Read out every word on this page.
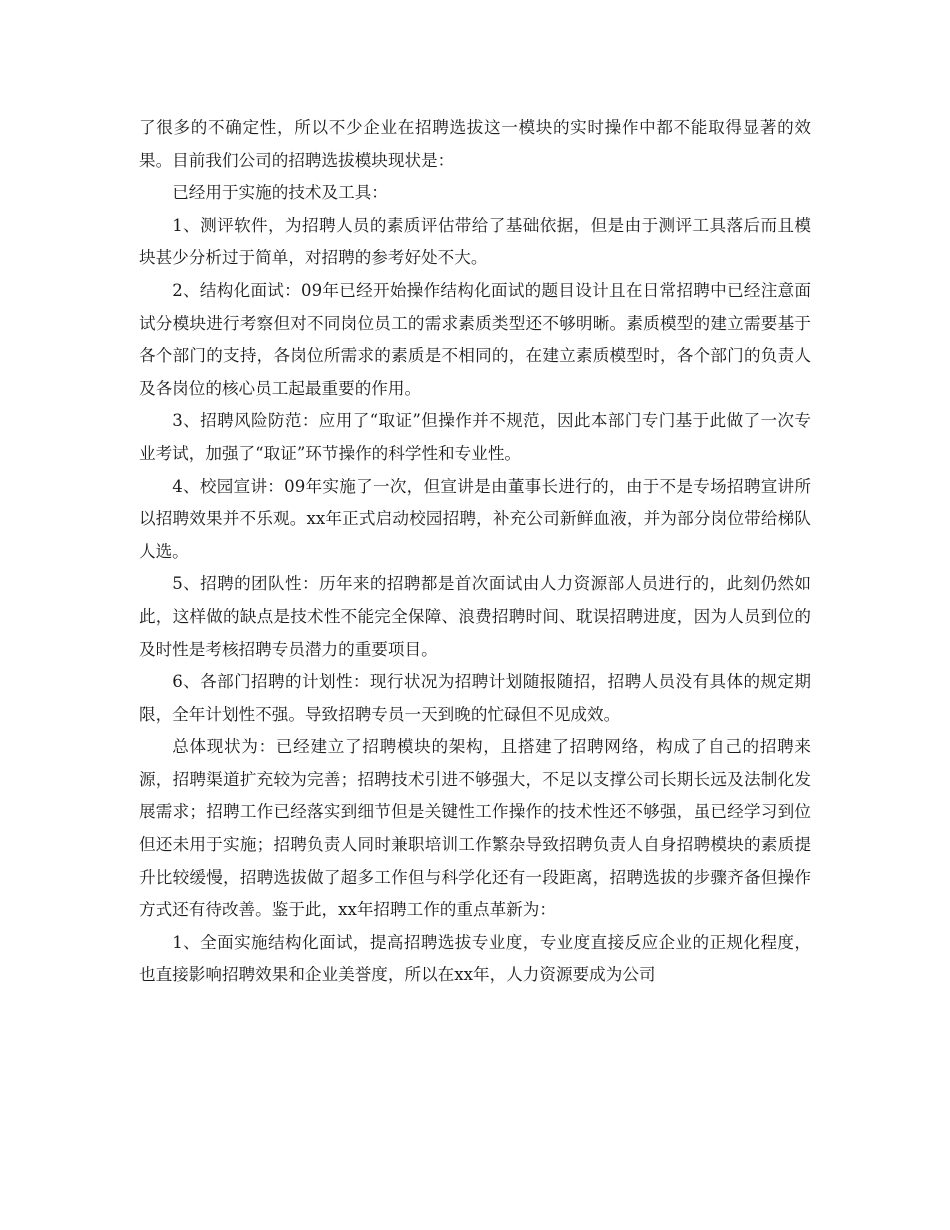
了很多的不确定性，所以不少企业在招聘选拔这一模块的实时操作中都不能取得显著的效果。目前我们公司的招聘选拔模块现状是：

已经用于实施的技术及工具：

1、测评软件，为招聘人员的素质评估带给了基础依据，但是由于测评工具落后而且模块甚少分析过于简单，对招聘的参考好处不大。

2、结构化面试：09年已经开始操作结构化面试的题目设计且在日常招聘中已经注意面试分模块进行考察但对不同岗位员工的需求素质类型还不够明晰。素质模型的建立需要基于各个部门的支持，各岗位所需求的素质是不相同的，在建立素质模型时，各个部门的负责人及各岗位的核心员工起最重要的作用。

3、招聘风险防范：应用了“取证”但操作并不规范，因此本部门专门基于此做了一次专业考试，加强了“取证”环节操作的科学性和专业性。

4、校园宣讲：09年实施了一次，但宣讲是由董事长进行的，由于不是专场招聘宣讲所以招聘效果并不乐观。xx年正式启动校园招聘，补充公司新鲜血液，并为部分岗位带给梯队人选。

5、招聘的团队性：历年来的招聘都是首次面试由人力资源部人员进行的，此刻仍然如此，这样做的缺点是技术性不能完全保障、浪费招聘时间、耽误招聘进度，因为人员到位的及时性是考核招聘专员潜力的重要项目。

6、各部门招聘的计划性：现行状况为招聘计划随报随招，招聘人员没有具体的规定期限，全年计划性不强。导致招聘专员一天到晚的忙碌但不见成效。

总体现状为：已经建立了招聘模块的架构，且搭建了招聘网络，构成了自己的招聘来源，招聘渠道扩充较为完善；招聘技术引进不够强大，不足以支撑公司长期长远及法制化发展需求；招聘工作已经落实到细节但是关键性工作操作的技术性还不够强，虽已经学习到位但还未用于实施；招聘负责人同时兼职培训工作繁杂导致招聘负责人自身招聘模块的素质提升比较缓慢，招聘选拔做了超多工作但与科学化还有一段距离，招聘选拔的步骤齐备但操作方式还有待改善。鉴于此，xx年招聘工作的重点革新为：

1、全面实施结构化面试，提高招聘选拔专业度，专业度直接反应企业的正规化程度，也直接影响招聘效果和企业美誉度，所以在xx年，人力资源要成为公司
